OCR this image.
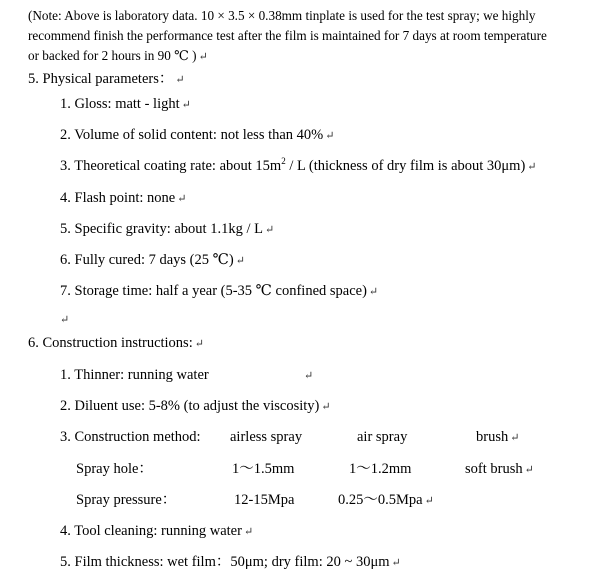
(Note: Above is laboratory data. 10 × 3.5 × 0.38mm tinplate is used for the test spray; we highly
recommend finish the performance test after the film is maintained for 7 days at room temperature
or backed for 2 hours in 90 ℃ ) ↵
5. Physical parameters： ↵
1. Gloss: matt - light ↵
2. Volume of solid content: not less than 40% ↵
3. Theoretical coating rate: about $15m^2$ / L (thickness of dry film is about 30μm) ↵
4. Flash point: none ↵
5. Specific gravity: about 1.1kg / L ↵
6. Fully cured: 7 days (25 ℃) ↵
7. Storage time: half a year (5-35 ℃ confined space) ↵
↵
6. Construction instructions: ↵
1. Thinner: running water	↵
2. Diluent use: 5-8% (to adjust the viscosity) ↵
3. Construction method: airless spray	air spray	brush ↵
Spray hole：	1～1.5mm	1～1.2mm	soft brush ↵
Spray pressure：	12-15Mpa	0.25～0.5Mpa ↵
4. Tool cleaning: running water ↵
5. Film thickness: wet film：50μm; dry film: 20 ~ 30μm ↵
